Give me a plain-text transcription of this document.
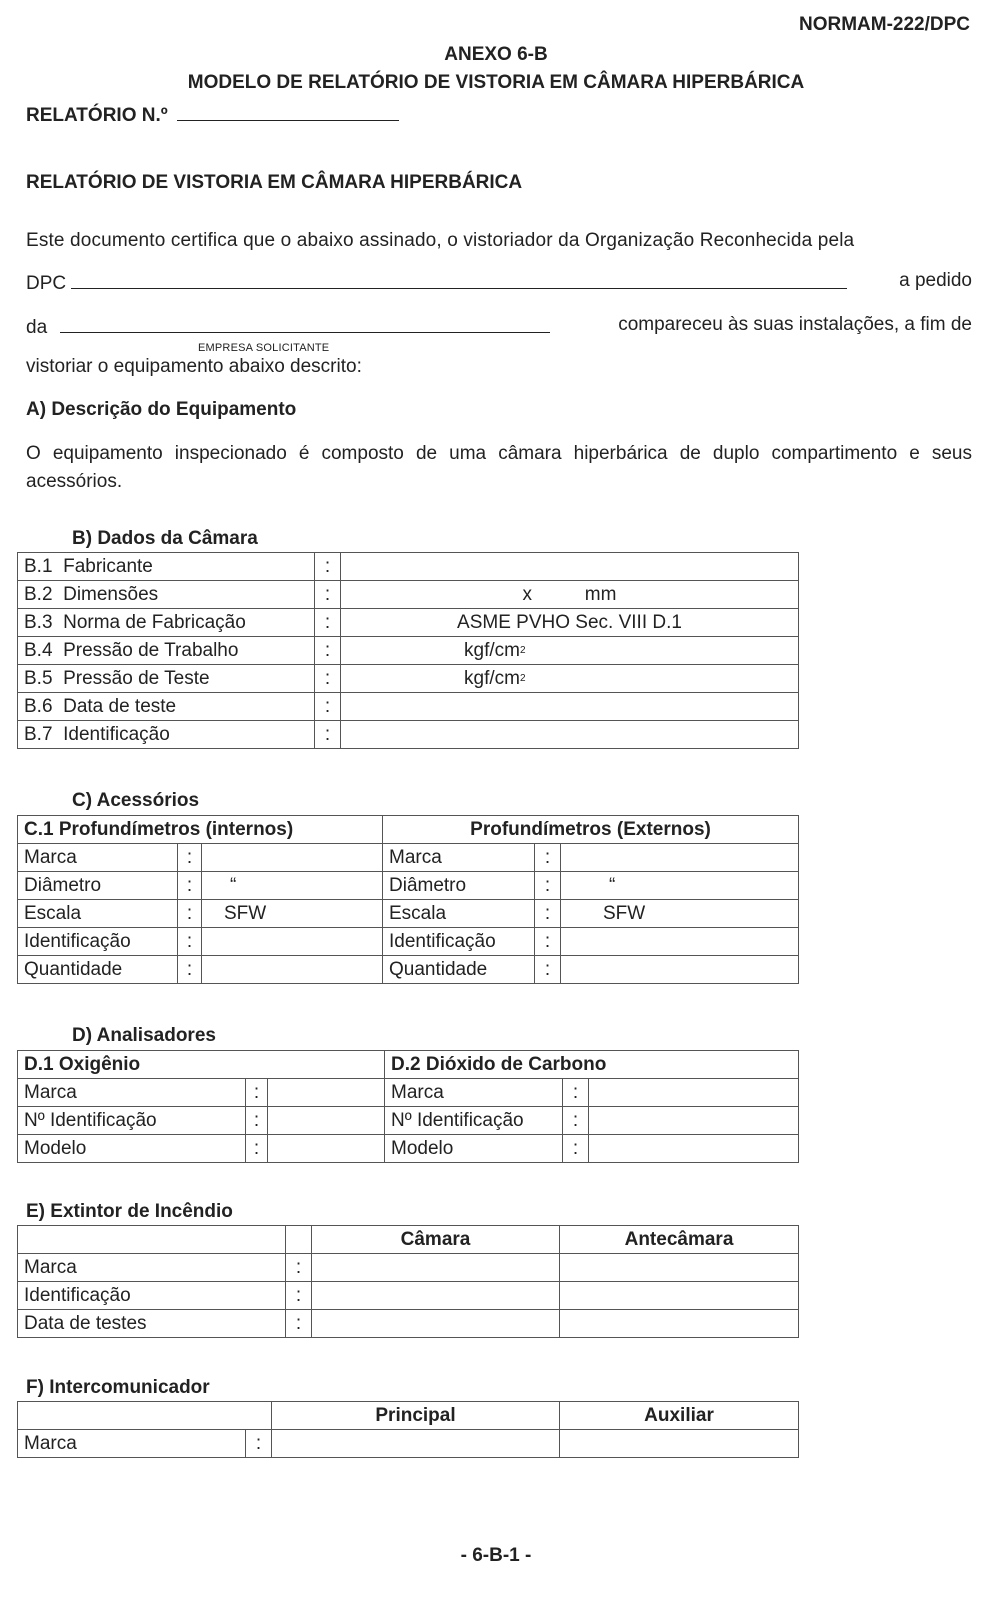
NORMAM-222/DPC
ANEXO 6-B
MODELO DE RELATÓRIO DE VISTORIA EM CÂMARA HIPERBÁRICA
RELATÓRIO N.º
RELATÓRIO DE VISTORIA EM CÂMARA HIPERBÁRICA
Este documento certifica que o abaixo assinado, o vistoriador da Organização Reconhecida pela
DPC	a pedido
da	compareceu às suas instalações, a fim de
EMPRESA SOLICITANTE
vistoriar o equipamento abaixo descrito:
A) Descrição do Equipamento
O equipamento inspecionado é composto de uma câmara hiperbárica de duplo compartimento e seus acessórios.
B) Dados da Câmara
B.1 Fabricante	:	
B.2 Dimensões	:	x          mm
B.3 Norma de Fabricação	:	ASME PVHO Sec. VIII D.1
B.4 Pressão de Trabalho	:	kgf/$cm^2$
B.5 Pressão de Teste	:	kgf/$cm^2$
B.6 Data de teste	:	
B.7 Identificação	:	
C) Acessórios
C.1 Profundímetros (internos)			Profundímetros (Externos)		
Marca	:		Marca	:	
Diâmetro	:	“	Diâmetro	:	“
Escala	:	SFW	Escala	:	SFW
Identificação	:		Identificação	:	
Quantidade	:		Quantidade	:	
D) Analisadores
D.1 Oxigênio			D.2 Dióxido de Carbono		
Marca	:		Marca	:	
Nº Identificação	:		Nº Identificação	:	
Modelo	:		Modelo	:	
E) Extintor de Incêndio
		Câmara	Antecâmara
Marca	:		
Identificação	:		
Data de testes	:		
F) Intercomunicador
		Principal	Auxiliar
Marca	:		
- 6-B-1 -
